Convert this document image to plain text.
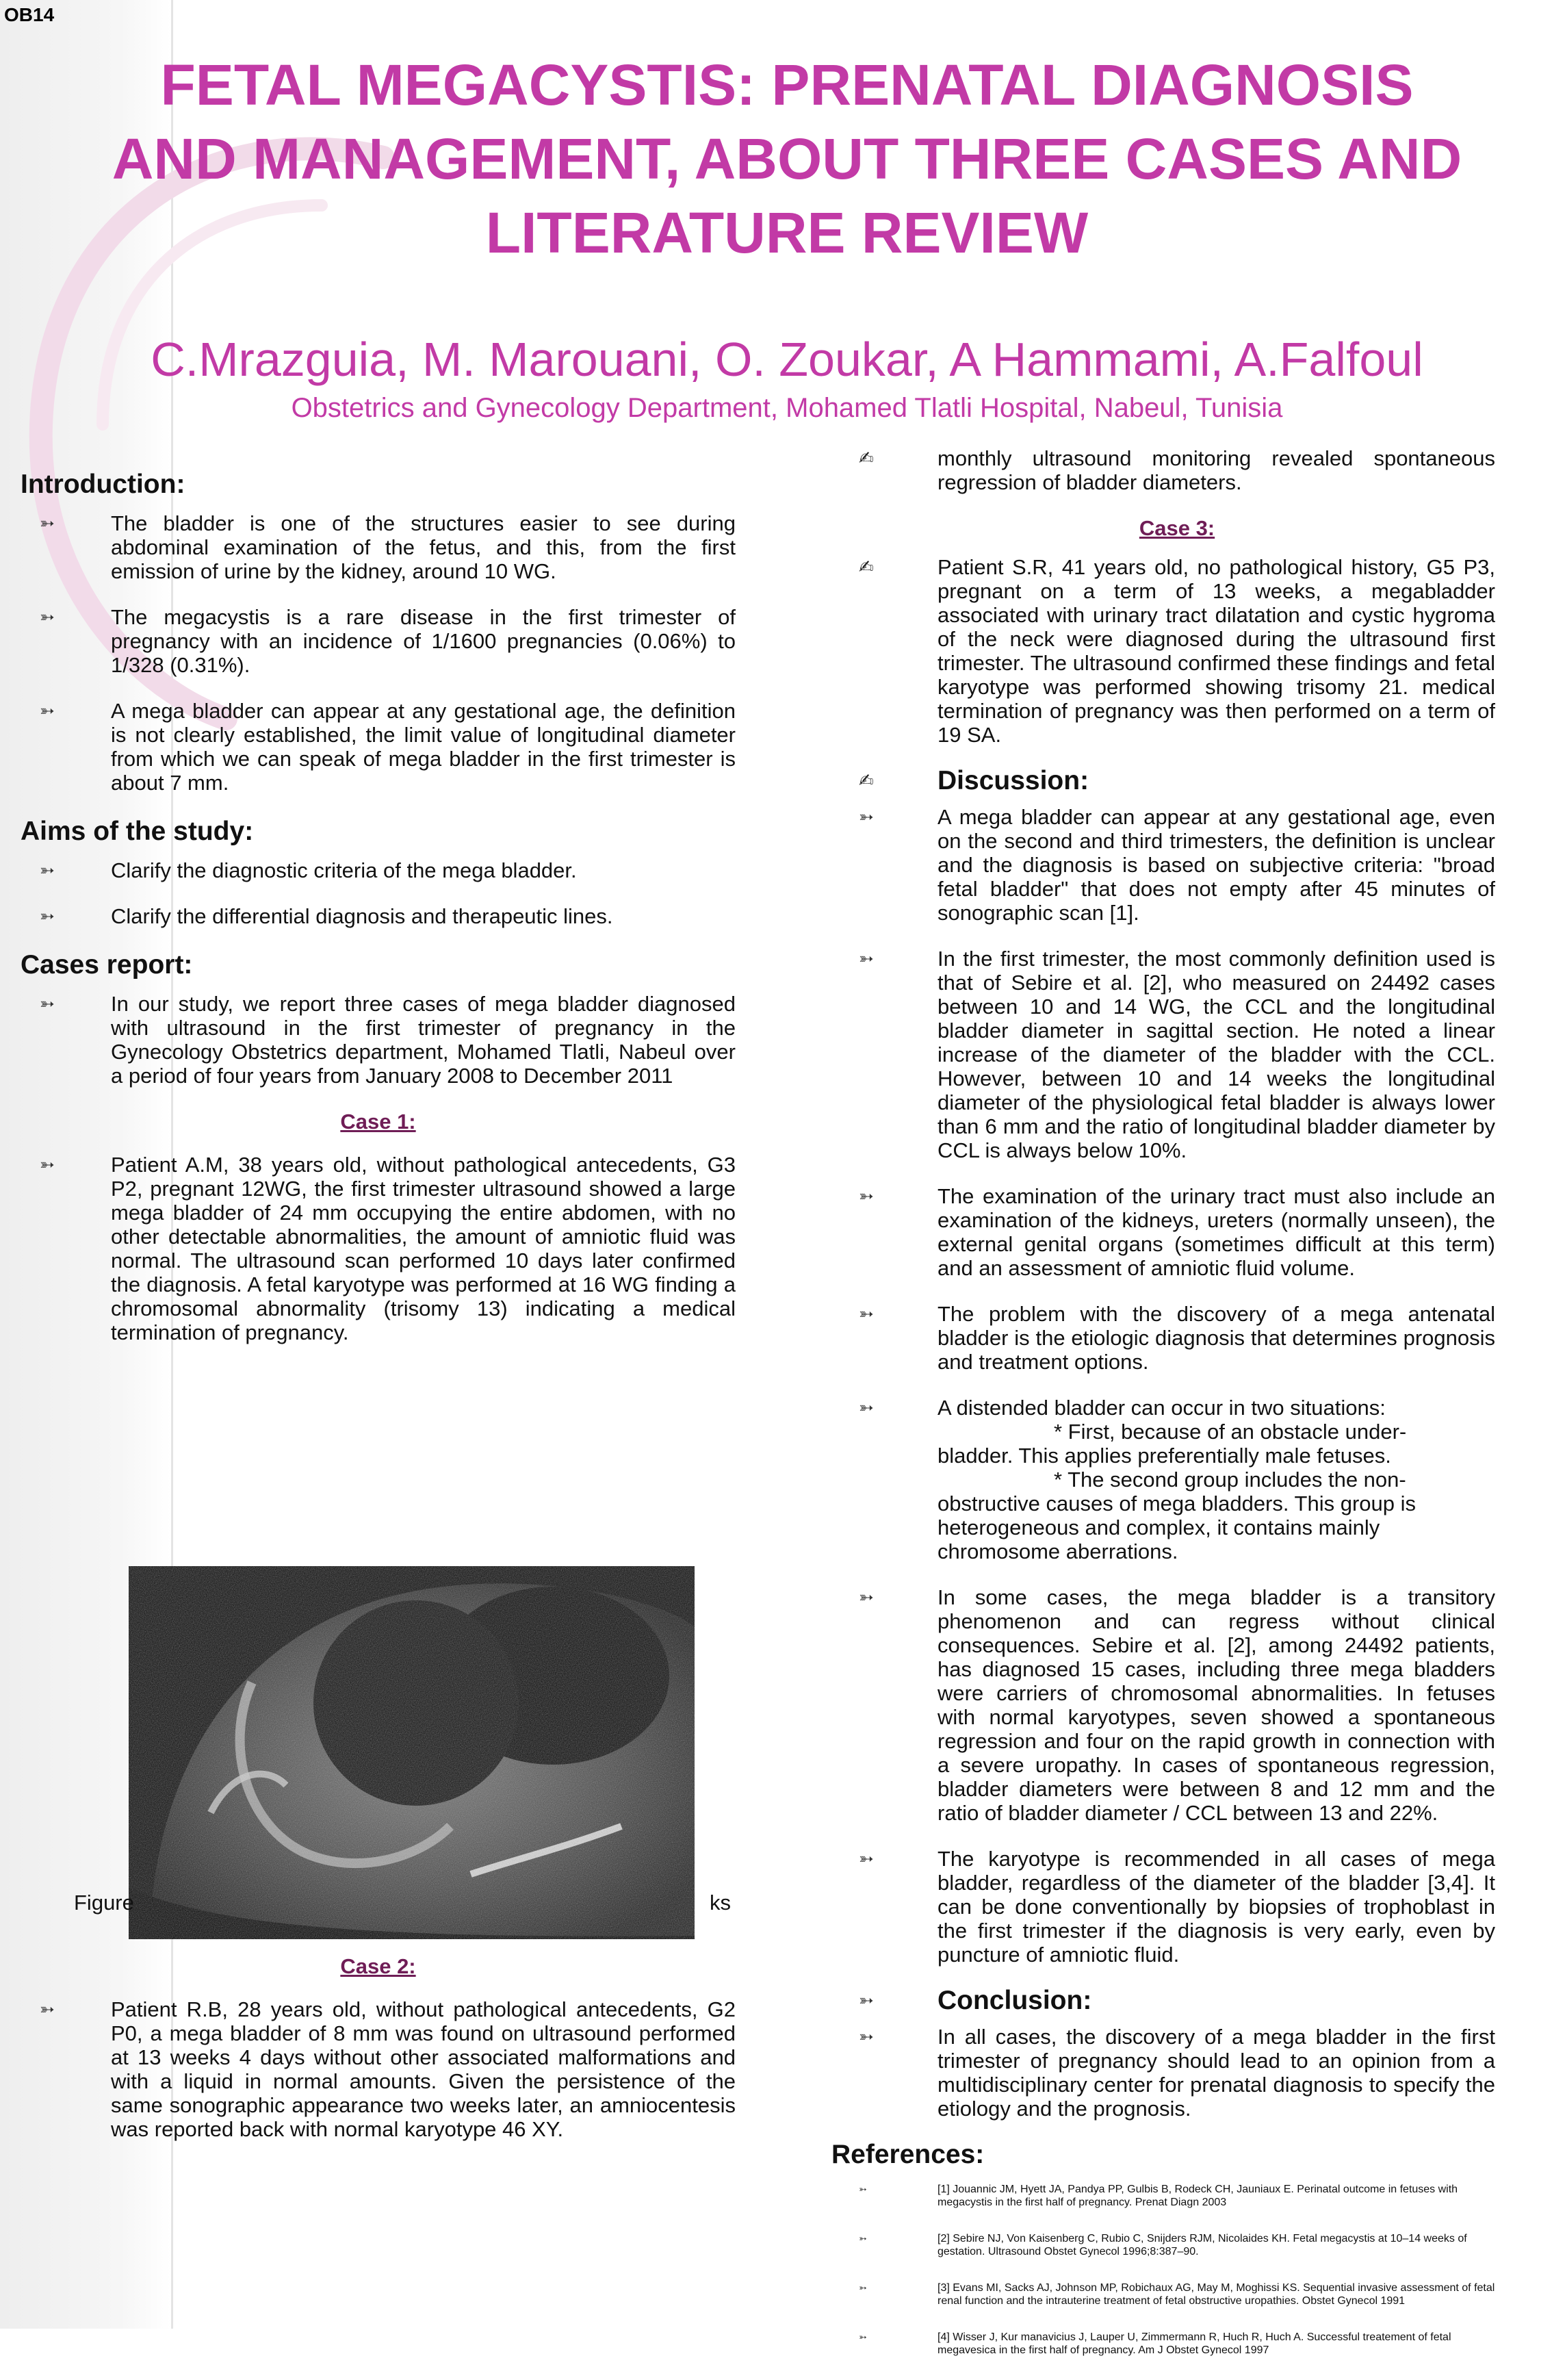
OB14
FETAL MEGACYSTIS: PRENATAL DIAGNOSIS
AND MANAGEMENT, ABOUT THREE CASES AND
LITERATURE REVIEW
C.Mrazguia, M. Marouani, O. Zoukar, A Hammami, A.Falfoul
Obstetrics and Gynecology Department, Mohamed Tlatli Hospital, Nabeul, Tunisia
Introduction:
➳	The bladder is one of the structures easier to see during abdominal examination of the fetus, and this, from the first emission of urine by the kidney, around 10 WG.
➳	The megacystis is a rare disease in the first trimester of pregnancy with an incidence of 1/1600 pregnancies (0.06%) to 1/328 (0.31%).
➳	A mega bladder can appear at any gestational age, the definition is not clearly established, the limit value of longitudinal diameter from which we can speak of mega bladder in the first trimester is about 7 mm.
Aims of the study:
➳	Clarify the diagnostic criteria of the mega bladder.
➳	Clarify the differential diagnosis and therapeutic lines.
Cases report:
➳	In our study, we report three cases of mega bladder diagnosed with ultrasound in the first trimester of pregnancy in the Gynecology Obstetrics department, Mohamed Tlatli, Nabeul over a period of four years from January 2008 to December 2011
Case 1:
➳	Patient A.M, 38 years old, without pathological antecedents, G3 P2, pregnant 12WG, the first trimester ultrasound showed a large mega bladder of 24 mm occupying the entire abdomen, with no other detectable abnormalities, the amount of amniotic fluid was normal. The ultrasound scan performed 10 days later confirmed the diagnosis. A fetal karyotype was performed at 16 WG finding a chromosomal abnormality (trisomy 13) indicating a medical termination of pregnancy.
Figure	ks
Case 2:
➳	Patient R.B, 28 years old, without pathological antecedents, G2 P0, a mega bladder of 8 mm was found on ultrasound performed at 13 weeks 4 days without other associated malformations and with a liquid in normal amounts. Given the persistence of the same sonographic appearance two weeks later, an amniocentesis was reported back with normal karyotype 46 XY.
✍	monthly ultrasound monitoring revealed spontaneous regression of bladder diameters.
Case 3:
✍	Patient S.R, 41 years old, no pathological history, G5 P3, pregnant on a term of 13 weeks, a megabladder associated with urinary tract dilatation and cystic hygroma of the neck were diagnosed during the ultrasound first trimester. The ultrasound confirmed these findings and fetal karyotype was performed showing trisomy 21. medical termination of pregnancy was then performed on a term of 19 SA.
✍ Discussion:
➳	A mega bladder can appear at any gestational age, even on the second and third trimesters, the definition is unclear and the diagnosis is based on subjective criteria: "broad fetal bladder" that does not empty after 45 minutes of sonographic scan [1].
➳	In the first trimester, the most commonly definition used is that of Sebire et al. [2], who measured on 24492 cases between 10 and 14 WG, the CCL and the longitudinal bladder diameter in sagittal section. He noted a linear increase of the diameter of the bladder with the CCL. However, between 10 and 14 weeks the longitudinal diameter of the physiological fetal bladder is always lower than 6 mm and the ratio of longitudinal bladder diameter by CCL is always below 10%.
➳	The examination of the urinary tract must also include an examination of the kidneys, ureters (normally unseen), the external genital organs (sometimes difficult at this term) and an assessment of amniotic fluid volume.
➳	The problem with the discovery of a mega antenatal bladder is the etiologic diagnosis that determines prognosis and treatment options.
➳	A distended bladder can occur in two situations:
* First, because of an obstacle under-
bladder. This applies preferentially male fetuses.
* The second group includes the non-
obstructive causes of mega bladders. This group is heterogeneous and complex, it contains mainly chromosome aberrations.
➳	In some cases, the mega bladder is a transitory phenomenon and can regress without clinical consequences. Sebire et al. [2], among 24492 patients, has diagnosed 15 cases, including three mega bladders were carriers of chromosomal abnormalities. In fetuses with normal karyotypes, seven showed a spontaneous regression and four on the rapid growth in connection with a severe uropathy. In cases of spontaneous regression, bladder diameters were between 8 and 12 mm and the ratio of bladder diameter / CCL between 13 and 22%.
➳	The karyotype is recommended in all cases of mega bladder, regardless of the diameter of the bladder [3,4]. It can be done conventionally by biopsies of trophoblast in the first trimester if the diagnosis is very early, even by puncture of amniotic fluid.
➳ Conclusion:
➳	In all cases, the discovery of a mega bladder in the first trimester of pregnancy should lead to an opinion from a multidisciplinary center for prenatal diagnosis to specify the etiology and the prognosis.
References:
➳	[1] Jouannic JM, Hyett JA, Pandya PP, Gulbis B, Rodeck CH, Jauniaux E. Perinatal outcome in fetuses with megacystis in the first half of pregnancy. Prenat Diagn 2003
➳	[2] Sebire NJ, Von Kaisenberg C, Rubio C, Snijders RJM, Nicolaides KH. Fetal megacystis at 10–14 weeks of gestation. Ultrasound Obstet Gynecol 1996;8:387–90.
➳	[3] Evans MI, Sacks AJ, Johnson MP, Robichaux AG, May M, Moghissi KS. Sequential invasive assessment of fetal renal function and the intrauterine treatment of fetal obstructive uropathies. Obstet Gynecol 1991
➳	[4] Wisser J, Kur manavicius J, Lauper U, Zimmermann R, Huch R, Huch A. Successful treatement of fetal megavesica in the first half of pregnancy. Am J Obstet Gynecol 1997
